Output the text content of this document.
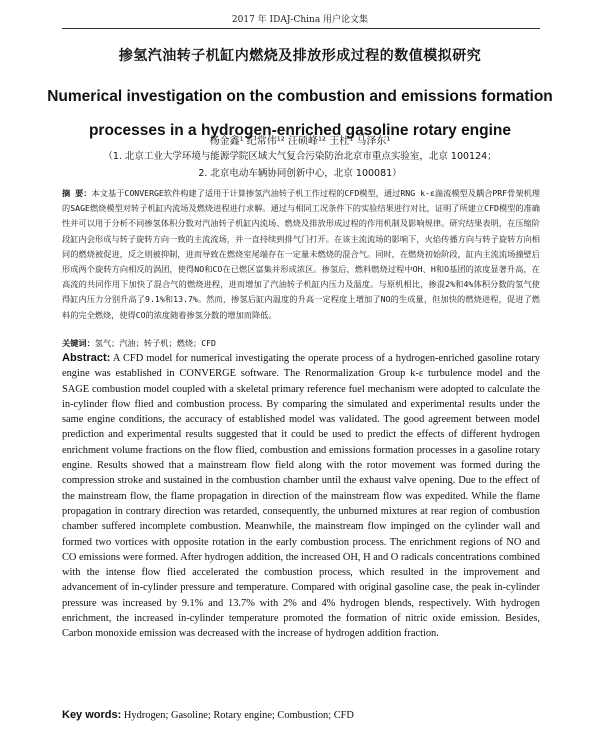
2017 年 IDAJ-China 用户论文集
掺氢汽油转子机缸内燃烧及排放形成过程的数值模拟研究
Numerical investigation on the combustion and emissions formation
processes in a hydrogen-enriched gasoline rotary engine
杨金鑫¹ 纪常伟¹² 汪硕峰¹² 王杜¹ 马泽东¹
（1. 北京工业大学环境与能源学院区域大气复合污染防治北京市重点实验室，北京 100124；
2. 北京电动车辆协同创新中心，北京 100081）
摘 要：本文基于CONVERGE软件构建了适用于计算掺氢汽油转子机工作过程的CFD模型，通过RNG k-ε湍流模型及耦合PRF骨架机理的SAGE燃烧模型对转子机缸内流场及燃烧进程进行求解。通过与相同工况条件下的实验结果进行对比，证明了所建立CFD模型的准确性并可以用于分析不同掺氢体积分数对汽油转子机缸内流场、燃烧及排放形成过程的作用机制及影响规律。研究结果表明，在压缩阶段缸内会形成与转子旋转方向一致的主流流场，并一直持续到排气门打开。在该主流流场的影响下，火焰传播方向与转子旋转方向相同的燃烧被促进，反之则被抑制，进而导致在燃烧室尾端存在一定量未燃烧的混合气。同时，在燃烧初始阶段，缸内主流流场撞壁后形成两个旋转方向相反的涡团，使得NO和CO在已燃区富集并形成浓区。掺氢后，燃料燃烧过程中OH、H和O基团的浓度显著升高，在高流的共同作用下加快了混合气的燃烧进程，进而增加了汽油转子机缸内压力及温度。与原机相比，掺混2%和4%体积分数的氢气使得缸内压力分别升高了9.1%和13.7%。然而，掺氢后缸内温度的升高一定程度上增加了NO的生成量，但加快的燃烧进程，促进了燃料的完全燃烧，使得CO的浓度随着掺氢分数的增加而降低。
关键词：氢气；汽油；转子机；燃烧；CFD
Abstract: A CFD model for numerical investigating the operate process of a hydrogen-enriched gasoline rotary engine was established in CONVERGE software. The Renormalization Group k-ε turbulence model and the SAGE combustion model coupled with a skeletal primary reference fuel mechanism were adopted to calculate the in-cylinder flow flied and combustion process. By comparing the simulated and experimental results under the same engine conditions, the accuracy of established model was validated. The good agreement between model prediction and experimental results suggested that it could be used to predict the effects of different hydrogen enrichment volume fractions on the flow flied, combustion and emissions formation processes in a gasoline rotary engine. Results showed that a mainstream flow field along with the rotor movement was formed during the compression stroke and sustained in the combustion chamber until the exhaust valve opening. Due to the effect of the mainstream flow, the flame propagation in direction of the mainstream flow was expedited. While the flame propagation in contrary direction was retarded, consequently, the unburned mixtures at rear region of combustion chamber suffered incomplete combustion. Meanwhile, the mainstream flow impinged on the cylinder wall and formed two vortices with opposite rotation in the early combustion process. The enrichment regions of NO and CO emissions were formed. After hydrogen addition, the increased OH, H and O radicals concentrations combined with the intense flow flied accelerated the combustion process, which resulted in the improvement and advancement of in-cylinder pressure and temperature. Compared with original gasoline case, the peak in-cylinder pressure was increased by 9.1% and 13.7% with 2% and 4% hydrogen blends, respectively. With hydrogen enrichment, the increased in-cylinder temperature promoted the formation of nitric oxide emission. Besides, Carbon monoxide emission was decreased with the increase of hydrogen addition fraction.
Key words: Hydrogen; Gasoline; Rotary engine; Combustion; CFD
